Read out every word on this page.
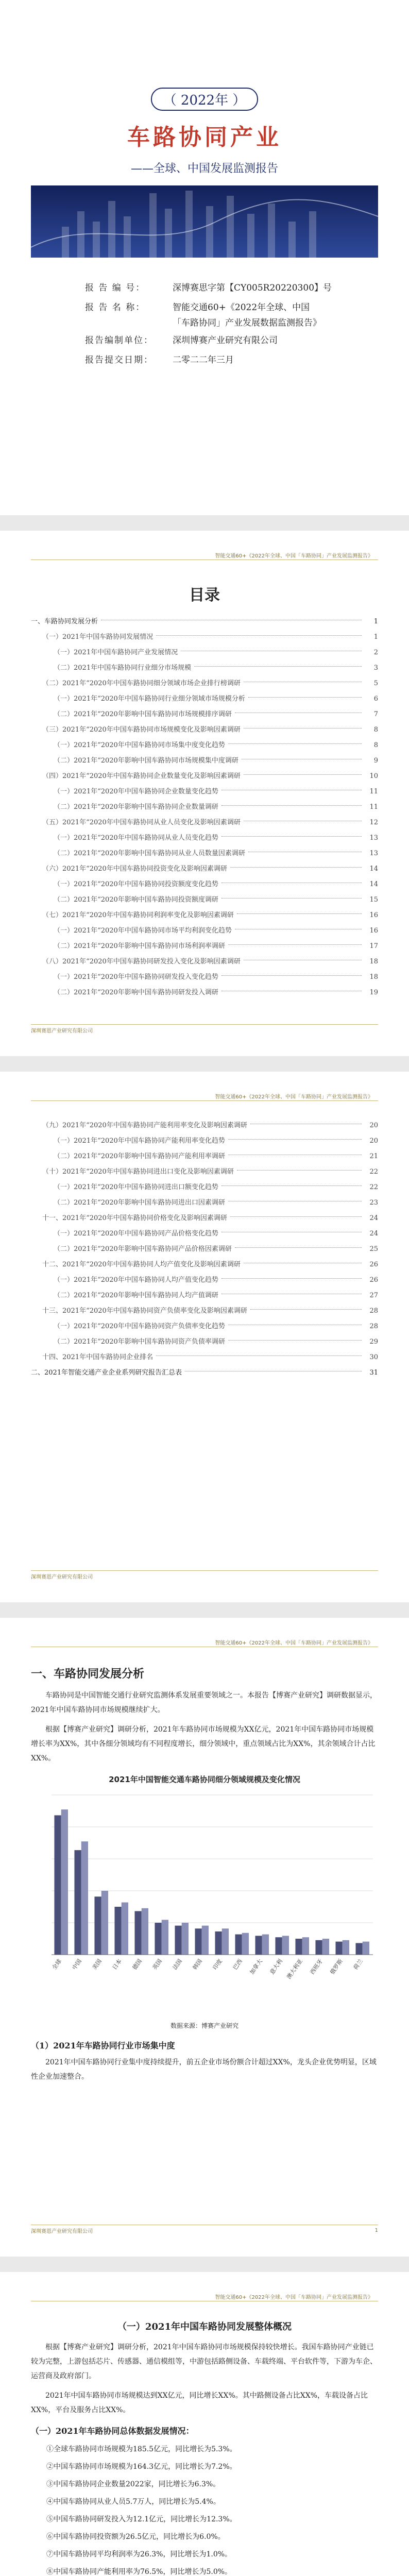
（ 2022年 ）
车路协同产业
——全球、中国发展监测报告
报 告 编 号：	深博赛思字第【CY005R20220300】号
报 告 名 称：	智能交通60+《2022年全球、中国「车路协同」产业发展数据监测报告》
报告编制单位： 深圳博赛产业研究有限公司
报告提交日期： 二零二二年三月
智能交通60+《2022年全球、中国「车路协同」产业发展监测报告》
目录
一、车路协同发展分析	1
（一）2021年中国车路协同发展情况	1
（一）2021年中国车路协同产业发展情况	2
（二）2021年中国车路协同行业细分市场规模	3
（二）2021年“2020年中国车路协同细分领域市场企业排行榜调研	5
（一）2021年“2020年中国车路协同行业细分领域市场规模分析	6
（二）2021年“2020年影响中国车路协同市场规模排序调研	7
（三）2021年“2020年中国车路协同市场规模变化及影响因素调研	8
（一）2021年“2020年中国车路协同市场集中度变化趋势	8
（二）2021年“2020年影响中国车路协同市场规模集中度调研	9
（四）2021年“2020年中国车路协同企业数量变化及影响因素调研	10
（一）2021年“2020年中国车路协同企业数量变化趋势	11
（二）2021年“2020年影响中国车路协同企业数量调研	11
（五）2021年“2020年中国车路协同从业人员变化及影响因素调研	12
（一）2021年“2020年中国车路协同从业人员变化趋势	13
（二）2021年“2020年影响中国车路协同从业人员数量因素调研	13
（六）2021年“2020年中国车路协同投资变化及影响因素调研	14
（一）2021年“2020年中国车路协同投资额度变化趋势	14
（二）2021年“2020年影响中国车路协同投资额度调研	15
（七）2021年“2020年中国车路协同利润率变化及影响因素调研	16
（一）2021年“2020年中国车路协同市场平均利润变化趋势	16
（二）2021年“2020年影响中国车路协同市场利润率调研	17
（八）2021年“2020年中国车路协同研发投入变化及影响因素调研	18
（一）2021年“2020年中国车路协同研发投入变化趋势	18
（二）2021年“2020年影响中国车路协同研发投入调研	19
深圳赛恩产业研究有限公司
智能交通60+《2022年全球、中国「车路协同」产业发展监测报告》
（九）2021年“2020年中国车路协同产能利用率变化及影响因素调研	20
（一）2021年“2020年中国车路协同产能利用率变化趋势	20
（二）2021年“2020年影响中国车路协同产能利用率调研	21
（十）2021年“2020年中国车路协同进出口变化及影响因素调研	22
（一）2021年“2020年中国车路协同进出口额变化趋势	22
（二）2021年“2020年影响中国车路协同进出口因素调研	23
十一、2021年“2020年中国车路协同价格变化及影响因素调研	24
（一）2021年“2020年中国车路协同产品价格变化趋势	24
（二）2021年“2020年影响中国车路协同产品价格因素调研	25
十二、2021年“2020年中国车路协同人均产值变化及影响因素调研	26
（一）2021年“2020年中国车路协同人均产值变化趋势	26
（二）2021年“2020年影响中国车路协同人均产值调研	27
十三、2021年“2020年中国车路协同资产负债率变化及影响因素调研	28
（一）2021年“2020年中国车路协同资产负债率变化趋势	28
（二）2021年“2020年影响中国车路协同资产负债率调研	29
十四、2021年中国车路协同企业排名	30
二、2021年智能交通产业企业系列研究报告汇总表	31
深圳赛恩产业研究有限公司
智能交通60+《2022年全球、中国「车路协同」产业发展监测报告》
一、车路协同发展分析

车路协同是中国智能交通行业研究监测体系发展重要领域之一。本报告【博赛产业研究】调研数据显示，2021年中国车路协同市场规模继续扩大。

根据【博赛产业研究】调研分析，2021年车路协同市场规模为XX亿元，2021年中国车路协同市场规模增长率为XX%，其中各细分领域均有不同程度增长，细分领域中，重点领域占比为XX%，其余领域合计占比XX%。

2021年中国智能交通车路协同细分领域规模及变化情况
全球 中国 美国 日本 德国 英国 法国 韩国 印度 巴西 加拿大 意大利 澳大利亚 西班牙 俄罗斯 荷兰
数据来源：博赛产业研究
（1）2021年车路协同行业市场集中度

2021年中国车路协同行业集中度持续提升，前五企业市场份额合计超过XX%，龙头企业优势明显，区域性企业加速整合。

深圳赛恩产业研究有限公司	1
智能交通60+《2022年全球、中国「车路协同」产业发展监测报告》
（一）2021年中国车路协同发展整体概况

根据【博赛产业研究】调研分析，2021年中国车路协同市场规模保持较快增长。我国车路协同产业链已较为完整，上游包括芯片、传感器、通信模组等，中游包括路侧设备、车载终端、平台软件等，下游为车企、运营商及政府部门。

2021年中国车路协同市场规模达到XX亿元，同比增长XX%。其中路侧设备占比XX%，车载设备占比XX%，平台及服务占比XX%。

（一）2021年车路协同总体数据发展情况：
①全球车路协同市场规模为185.5亿元，同比增长为5.3%。
②中国车路协同市场规模为164.3亿元，同比增长为7.2%。
③中国车路协同企业数量2022家，同比增长为6.3%。
④中国车路协同从业人员5.7万人，同比增长为5.4%。
⑤中国车路协同研发投入为12.1亿元，同比增长为12.3%。
⑥中国车路协同投资额为26.5亿元，同比增长为6.0%。
⑦中国车路协同平均利润率为26.3%，同比增长为1.0%。
⑧中国车路协同产能利用率为76.5%，同比增长为5.0%。
